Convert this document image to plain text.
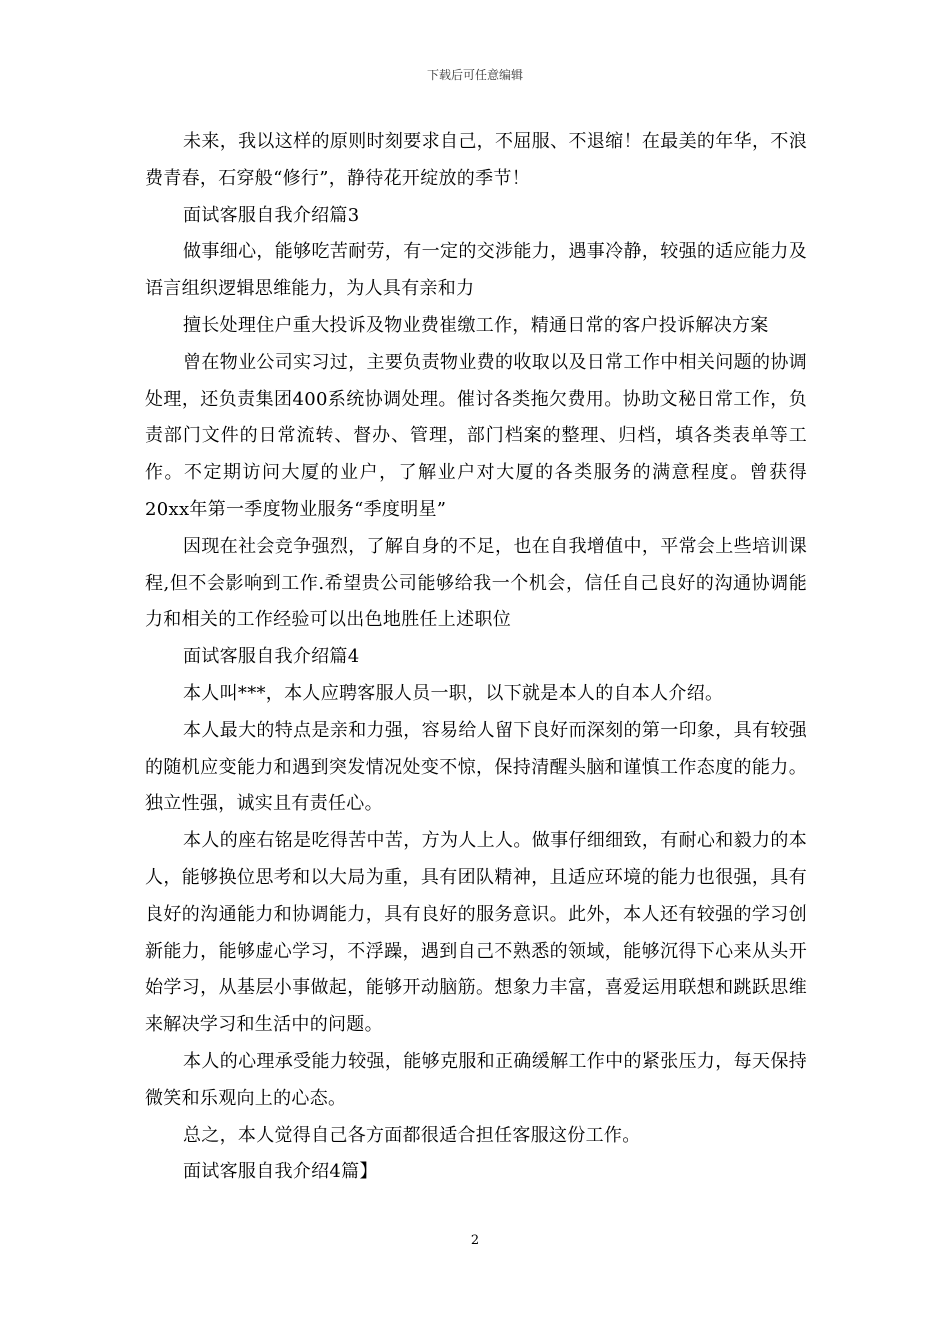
下载后可任意编辑

未来，我以这样的原则时刻要求自己，不屈服、不退缩！在最美的年华，不浪费青春，石穿般“修行”，静待花开绽放的季节！

面试客服自我介绍篇3

做事细心，能够吃苦耐劳，有一定的交涉能力，遇事冷静，较强的适应能力及语言组织逻辑思维能力，为人具有亲和力

擅长处理住户重大投诉及物业费崔缴工作，精通日常的客户投诉解决方案

曾在物业公司实习过，主要负责物业费的收取以及日常工作中相关问题的协调处理，还负责集团400系统协调处理。催讨各类拖欠费用。协助文秘日常工作，负责部门文件的日常流转、督办、管理，部门档案的整理、归档，填各类表单等工作。不定期访问大厦的业户，了解业户对大厦的各类服务的满意程度。曾获得20xx年第一季度物业服务“季度明星”

因现在社会竞争强烈，了解自身的不足，也在自我增值中，平常会上些培训课程,但不会影响到工作.希望贵公司能够给我一个机会，信任自己良好的沟通协调能力和相关的工作经验可以出色地胜任上述职位

面试客服自我介绍篇4

本人叫***，本人应聘客服人员一职，以下就是本人的自本人介绍。

本人最大的特点是亲和力强，容易给人留下良好而深刻的第一印象，具有较强的随机应变能力和遇到突发情况处变不惊，保持清醒头脑和谨慎工作态度的能力。独立性强，诚实且有责任心。

本人的座右铭是吃得苦中苦，方为人上人。做事仔细细致，有耐心和毅力的本人，能够换位思考和以大局为重，具有团队精神，且适应环境的能力也很强，具有良好的沟通能力和协调能力，具有良好的服务意识。此外，本人还有较强的学习创新能力，能够虚心学习，不浮躁，遇到自己不熟悉的领域，能够沉得下心来从头开始学习，从基层小事做起，能够开动脑筋。想象力丰富，喜爱运用联想和跳跃思维来解决学习和生活中的问题。

本人的心理承受能力较强，能够克服和正确缓解工作中的紧张压力，每天保持微笑和乐观向上的心态。

总之，本人觉得自己各方面都很适合担任客服这份工作。

面试客服自我介绍4篇】

2
